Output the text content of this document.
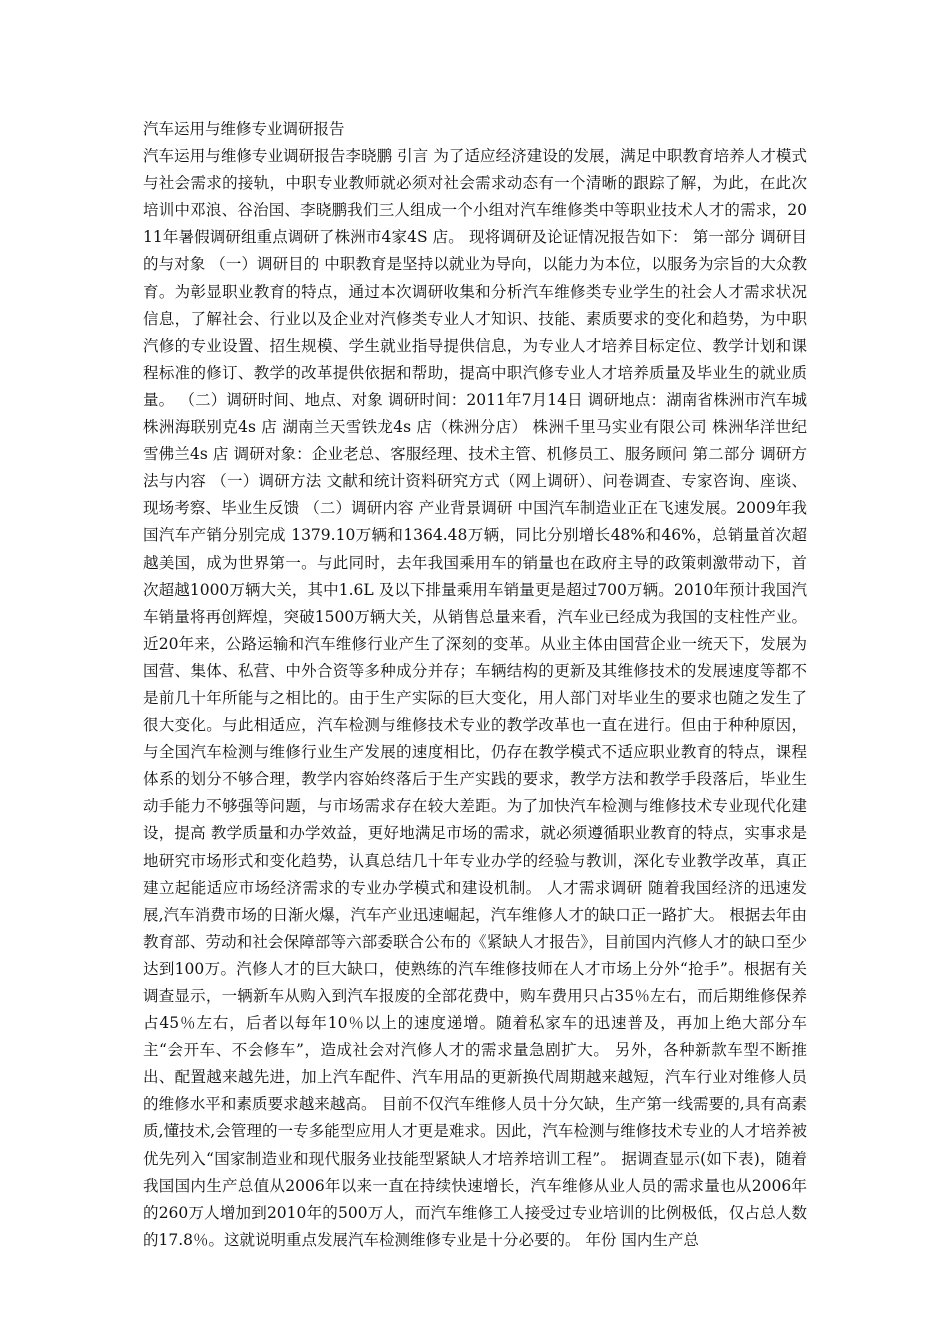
汽车运用与维修专业调研报告

汽车运用与维修专业调研报告李晓鹏 引言 为了适应经济建设的发展，满足中职教育培养人才模式与社会需求的接轨，中职专业教师就必须对社会需求动态有一个清晰的跟踪了解，为此，在此次培训中邓浪、谷治国、李晓鹏我们三人组成一个小组对汽车维修类中等职业技术人才的需求，2011年暑假调研组重点调研了株洲市4家4S 店。 现将调研及论证情况报告如下： 第一部分 调研目的与对象 （一）调研目的 中职教育是坚持以就业为导向，以能力为本位，以服务为宗旨的大众教育。为彰显职业教育的特点，通过本次调研收集和分析汽车维修类专业学生的社会人才需求状况信息，了解社会、行业以及企业对汽修类专业人才知识、技能、素质要求的变化和趋势，为中职汽修的专业设置、招生规模、学生就业指导提供信息，为专业人才培养目标定位、教学计划和课程标准的修订、教学的改革提供依据和帮助，提高中职汽修专业人才培养质量及毕业生的就业质量。 （二）调研时间、地点、对象 调研时间：2011年7月14日 调研地点：湖南省株洲市汽车城 株洲海联别克4s 店 湖南兰天雪铁龙4s 店（株洲分店） 株洲千里马实业有限公司 株洲华洋世纪雪佛兰4s 店 调研对象：企业老总、客服经理、技术主管、机修员工、服务顾问 第二部分 调研方法与内容 （一）调研方法 文献和统计资料研究方式（网上调研）、问卷调查、专家咨询、座谈、现场考察、毕业生反馈 （二）调研内容 产业背景调研 中国汽车制造业正在飞速发展。2009年我国汽车产销分别完成 1379.10万辆和1364.48万辆，同比分别增长48%和46%，总销量首次超越美国，成为世界第一。与此同时，去年我国乘用车的销量也在政府主导的政策刺激带动下，首次超越1000万辆大关，其中1.6L 及以下排量乘用车销量更是超过700万辆。2010年预计我国汽车销量将再创辉煌，突破1500万辆大关，从销售总量来看，汽车业已经成为我国的支柱性产业。 近20年来，公路运输和汽车维修行业产生了深刻的变革。从业主体由国营企业一统天下，发展为国营、集体、私营、中外合资等多种成分并存；车辆结构的更新及其维修技术的发展速度等都不是前几十年所能与之相比的。由于生产实际的巨大变化，用人部门对毕业生的要求也随之发生了很大变化。与此相适应，汽车检测与维修技术专业的教学改革也一直在进行。但由于种种原因，与全国汽车检测与维修行业生产发展的速度相比，仍存在教学模式不适应职业教育的特点，课程体系的划分不够合理，教学内容始终落后于生产实践的要求，教学方法和教学手段落后，毕业生动手能力不够强等问题，与市场需求存在较大差距。为了加快汽车检测与维修技术专业现代化建设，提高 教学质量和办学效益，更好地满足市场的需求，就必须遵循职业教育的特点，实事求是地研究市场形式和变化趋势，认真总结几十年专业办学的经验与教训，深化专业教学改革，真正建立起能适应市场经济需求的专业办学模式和建设机制。 人才需求调研 随着我国经济的迅速发展,汽车消费市场的日渐火爆，汽车产业迅速崛起，汽车维修人才的缺口正一路扩大。 根据去年由教育部、劳动和社会保障部等六部委联合公布的《紧缺人才报告》，目前国内汽修人才的缺口至少达到100万。汽修人才的巨大缺口，使熟练的汽车维修技师在人才市场上分外“抢手”。根据有关调查显示，一辆新车从购入到汽车报废的全部花费中，购车费用只占35％左右，而后期维修保养占45％左右，后者以每年10％以上的速度递增。随着私家车的迅速普及，再加上绝大部分车主“会开车、不会修车”，造成社会对汽修人才的需求量急剧扩大。 另外，各种新款车型不断推出、配置越来越先进，加上汽车配件、汽车用品的更新换代周期越来越短，汽车行业对维修人员的维修水平和素质要求越来越高。 目前不仅汽车维修人员十分欠缺，生产第一线需要的,具有高素质,懂技术,会管理的一专多能型应用人才更是难求。因此，汽车检测与维修技术专业的人才培养被优先列入“国家制造业和现代服务业技能型紧缺人才培养培训工程”。 据调查显示(如下表)，随着我国国内生产总值从2006年以来一直在持续快速增长，汽车维修从业人员的需求量也从2006年的260万人增加到2010年的500万人，而汽车维修工人接受过专业培训的比例极低，仅占总人数的17.8％。这就说明重点发展汽车检测维修专业是十分必要的。 年份 国内生产总
